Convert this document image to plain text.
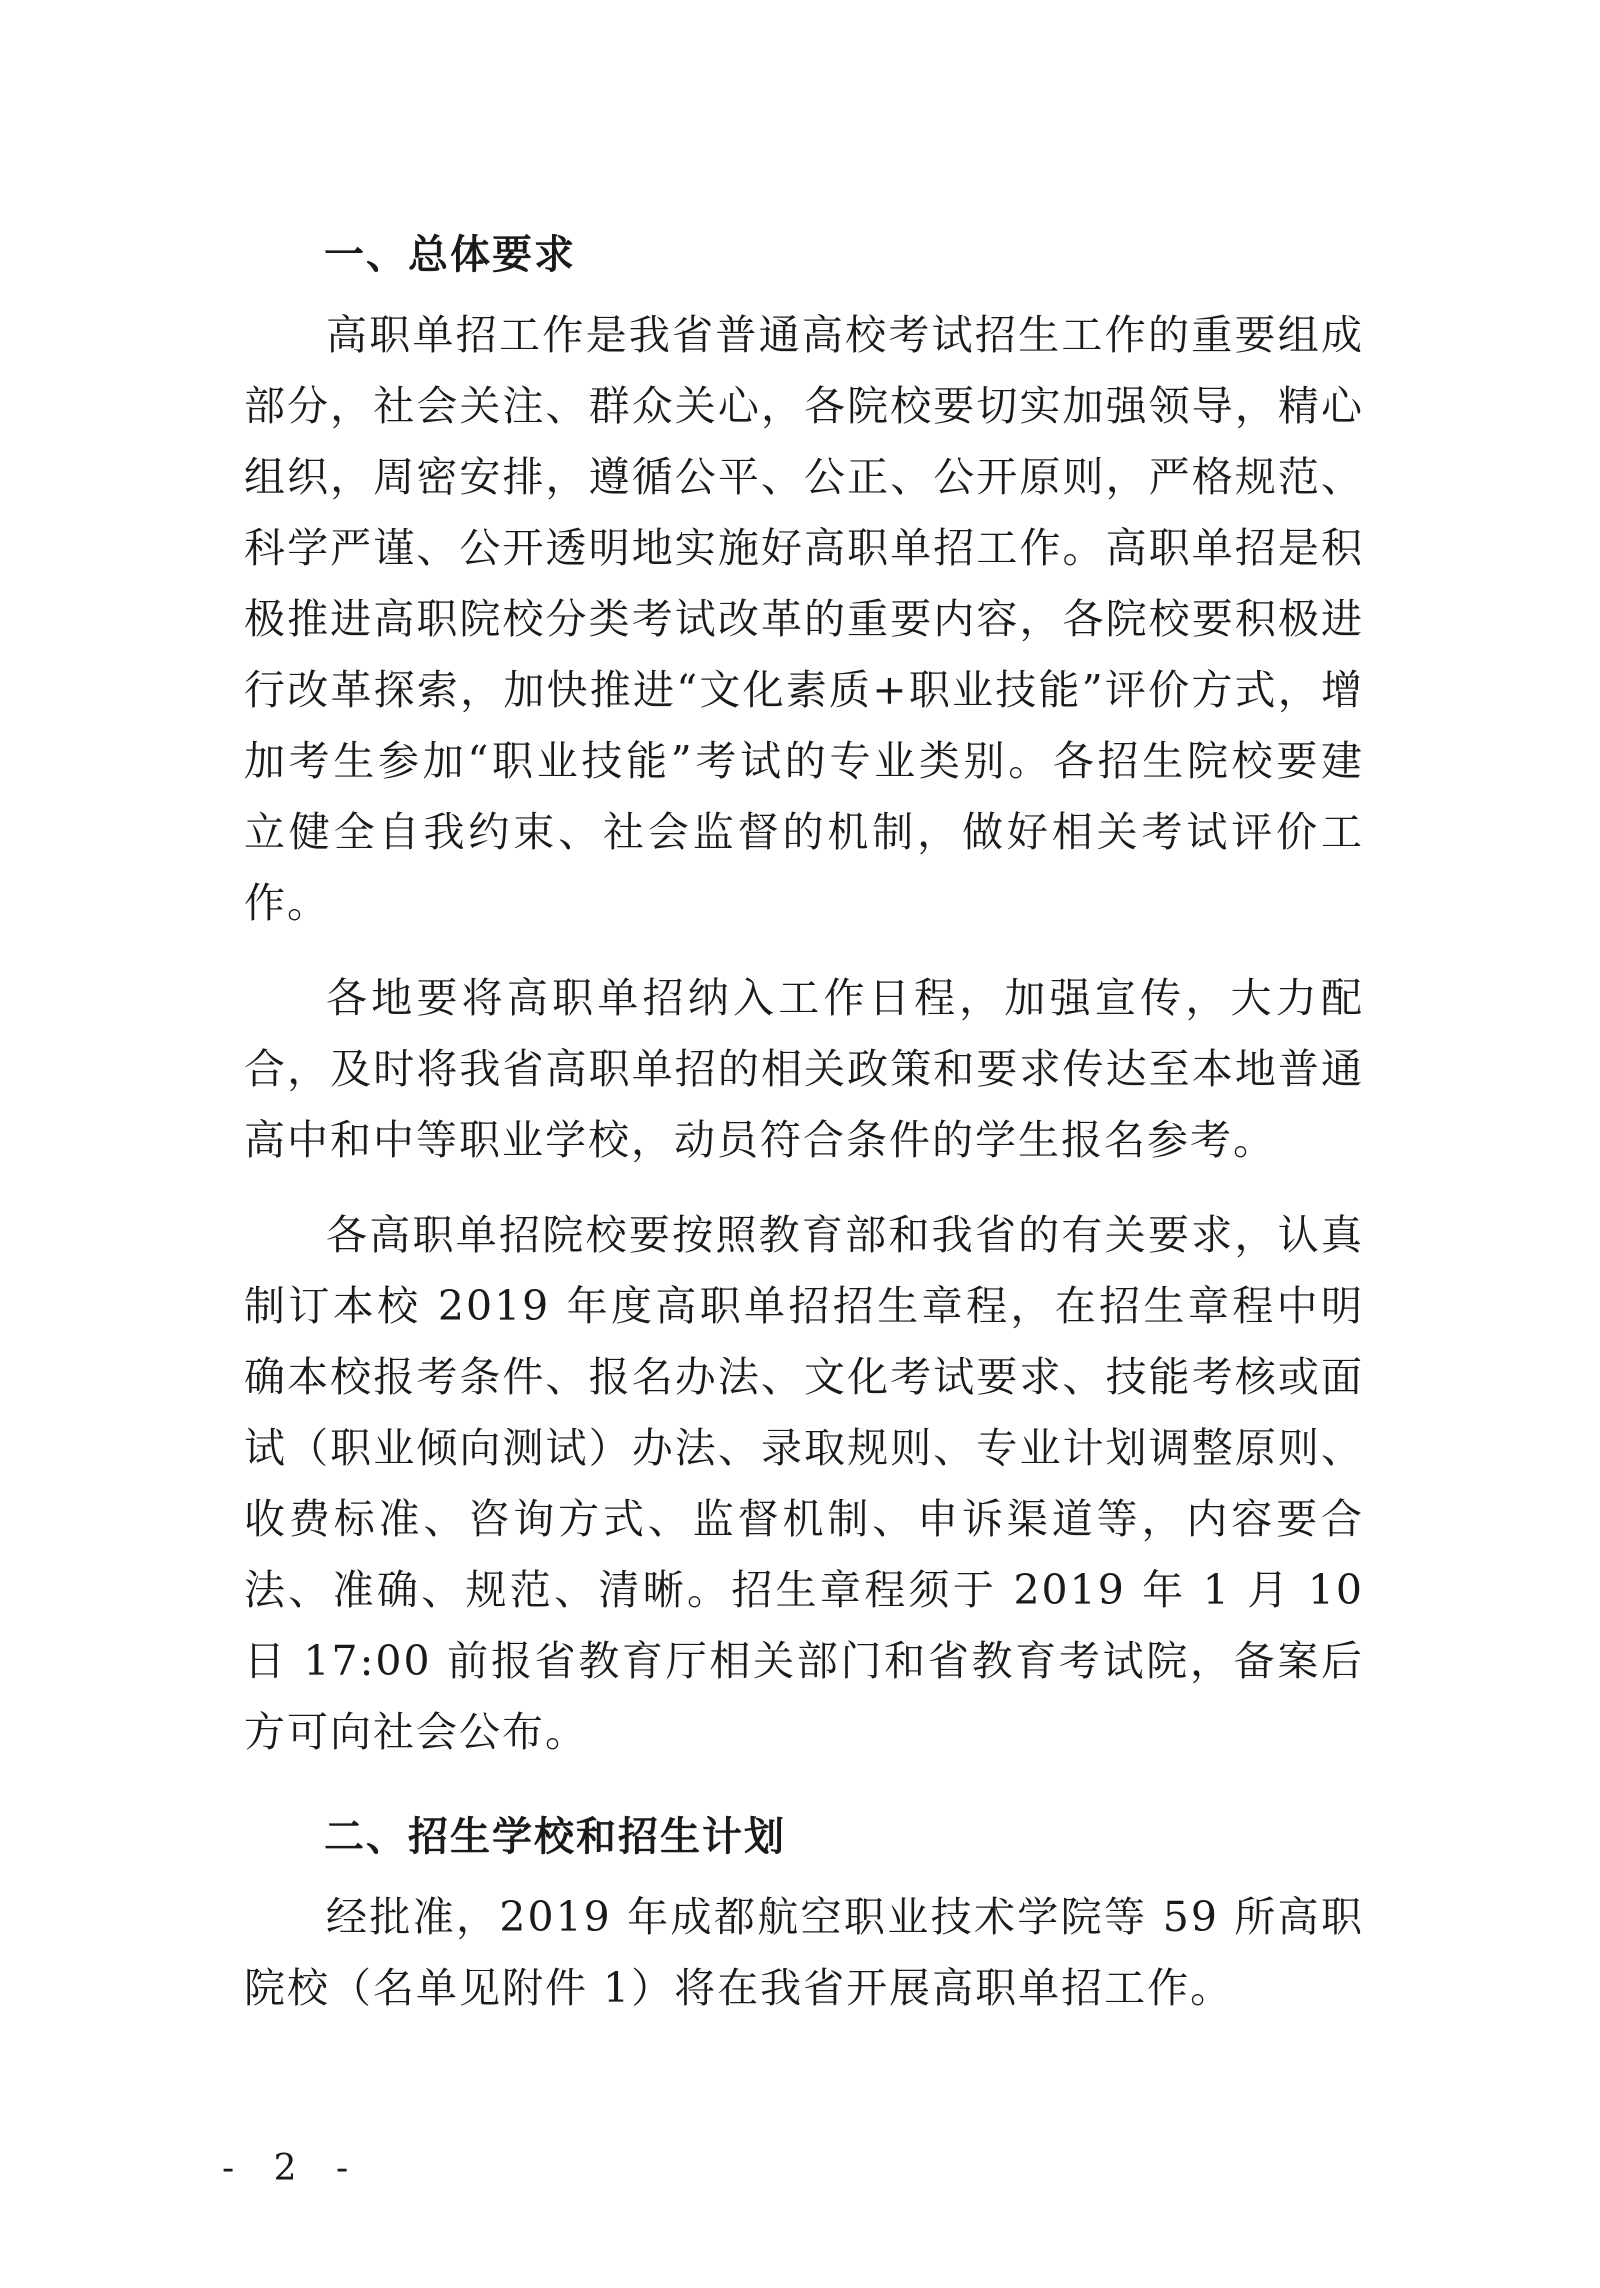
一、总体要求

高职单招工作是我省普通高校考试招生工作的重要组成部分，社会关注、群众关心，各院校要切实加强领导，精心组织，周密安排，遵循公平、公正、公开原则，严格规范、科学严谨、公开透明地实施好高职单招工作。高职单招是积极推进高职院校分类考试改革的重要内容，各院校要积极进行改革探索，加快推进“文化素质+职业技能”评价方式，增加考生参加“职业技能”考试的专业类别。各招生院校要建立健全自我约束、社会监督的机制，做好相关考试评价工作。

各地要将高职单招纳入工作日程，加强宣传，大力配合，及时将我省高职单招的相关政策和要求传达至本地普通高中和中等职业学校，动员符合条件的学生报名参考。

各高职单招院校要按照教育部和我省的有关要求，认真制订本校 2019 年度高职单招招生章程，在招生章程中明确本校报考条件、报名办法、文化考试要求、技能考核或面试（职业倾向测试）办法、录取规则、专业计划调整原则、收费标准、咨询方式、监督机制、申诉渠道等，内容要合法、准确、规范、清晰。招生章程须于 2019 年 1 月 10 日 17:00 前报省教育厅相关部门和省教育考试院，备案后方可向社会公布。

二、招生学校和招生计划

经批准，2019 年成都航空职业技术学院等 59 所高职院校（名单见附件 1）将在我省开展高职单招工作。

- 2 -
